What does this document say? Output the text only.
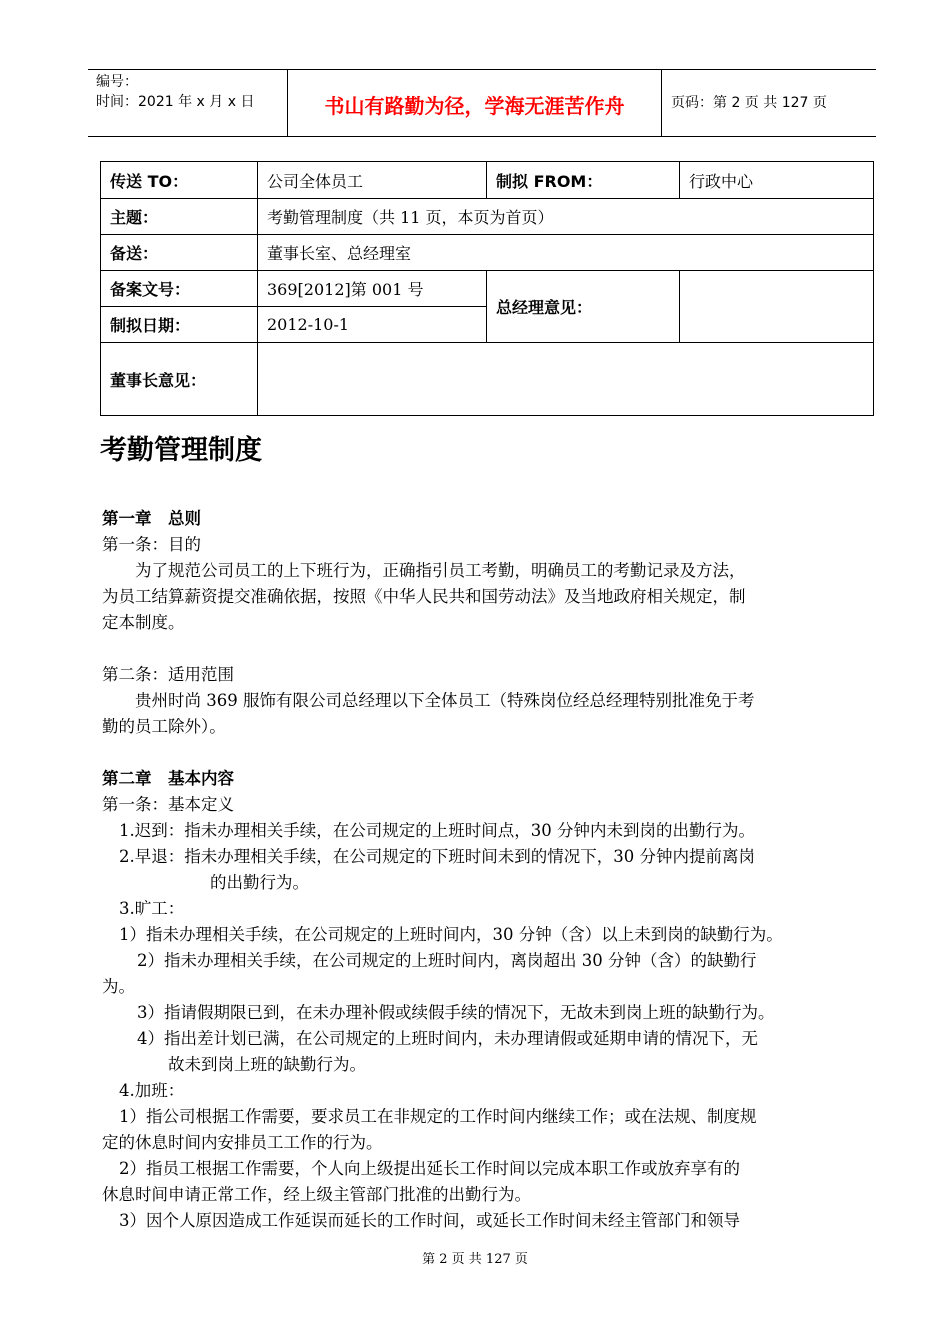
编号：
时间：2021 年 x 月 x 日	书山有路勤为径，学海无涯苦作舟	页码：第 2 页 共 127 页
传送 TO：	公司全体员工	制拟 FROM：	行政中心
主题：	考勤管理制度（共 11 页，本页为首页）		
备送：	董事长室、总经理室		
备案文号：	369[2012]第 001 号	总经理意见：	
制拟日期：	2012-10-1		
董事长意见：			
考勤管理制度
第一章　总则
第一条：目的
为了规范公司员工的上下班行为，正确指引员工考勤，明确员工的考勤记录及方法，
为员工结算薪资提交准确依据，按照《中华人民共和国劳动法》及当地政府相关规定，制
定本制度。
第二条：适用范围
贵州时尚 369 服饰有限公司总经理以下全体员工（特殊岗位经总经理特别批准免于考
勤的员工除外）。
第二章　基本内容
第一条：基本定义
1.迟到：指未办理相关手续，在公司规定的上班时间点，30 分钟内未到岗的出勤行为。
2.早退：指未办理相关手续，在公司规定的下班时间未到的情况下，30 分钟内提前离岗
的出勤行为。
3.旷工：
1）指未办理相关手续，在公司规定的上班时间内，30 分钟（含）以上未到岗的缺勤行为。
2）指未办理相关手续，在公司规定的上班时间内，离岗超出 30 分钟（含）的缺勤行
为。
3）指请假期限已到，在未办理补假或续假手续的情况下，无故未到岗上班的缺勤行为。
4）指出差计划已满，在公司规定的上班时间内，未办理请假或延期申请的情况下，无
故未到岗上班的缺勤行为。
4.加班：
1）指公司根据工作需要，要求员工在非规定的工作时间内继续工作；或在法规、制度规
定的休息时间内安排员工工作的行为。
2）指员工根据工作需要，个人向上级提出延长工作时间以完成本职工作或放弃享有的
休息时间申请正常工作，经上级主管部门批准的出勤行为。
3）因个人原因造成工作延误而延长的工作时间，或延长工作时间未经主管部门和领导
第 2 页 共 127 页
